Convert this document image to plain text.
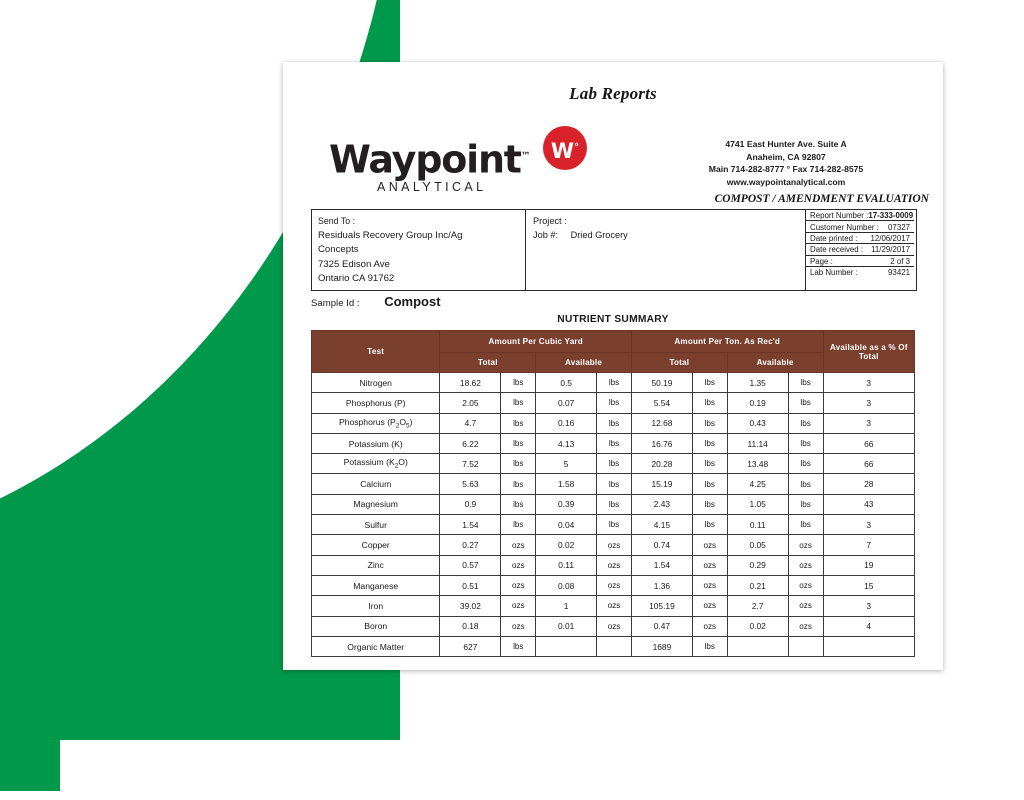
Lab Reports
Waypoint™
ANALYTICAL
W°	4741 East Hunter Ave. Suite A
Anaheim, CA 92807
Main 714-282-8777 ° Fax 714-282-8575
www.waypointanalytical.com
COMPOST / AMENDMENT EVALUATION
Send To :
Residuals Recovery Group Inc/Ag
Concepts
7325 Edison Ave
Ontario CA 91762
Project :
Job #: Dried Grocery
Report Number : 17-333-0009
Customer Number : 07327
Date printed : 12/06/2017
Date received : 11/29/2017
Page :	2 of 3
Lab Number :	93421
Sample Id : Compost
NUTRIENT SUMMARY
Test	Amount Per Cubic Yard				Amount Per Ton. As Rec'd				Available as a % Of Total
	Total		Available		Total		Available		
Nitrogen	18.62	lbs	0.5	lbs	50.19	lbs	1.35	lbs	3
Phosphorus (P)	2.05	lbs	0.07	lbs	5.54	lbs	0.19	lbs	3
Phosphorus $(P_2O_5)$	4.7	lbs	0.16	lbs	12.68	lbs	0.43	lbs	3
Potassium (K)	6.22	lbs	4.13	lbs	16.76	lbs	11.14	lbs	66
Potassium $(K_2O)$	7.52	lbs	5	lbs	20.28	lbs	13.48	lbs	66
Calcium	5.63	lbs	1.58	lbs	15.19	lbs	4.25	lbs	28
Magnesium	0.9	lbs	0.39	lbs	2.43	lbs	1.05	lbs	43
Sulfur	1.54	lbs	0.04	lbs	4.15	lbs	0.11	lbs	3
Copper	0.27	ozs	0.02	ozs	0.74	ozs	0.05	ozs	7
Zinc	0.57	ozs	0.11	ozs	1.54	ozs	0.29	ozs	19
Manganese	0.51	ozs	0.08	ozs	1.36	ozs	0.21	ozs	15
Iron	39.02	ozs	1	ozs	105.19	ozs	2.7	ozs	3
Boron	0.18	ozs	0.01	ozs	0.47	ozs	0.02	ozs	4
Organic Matter	627	lbs			1689	lbs			
